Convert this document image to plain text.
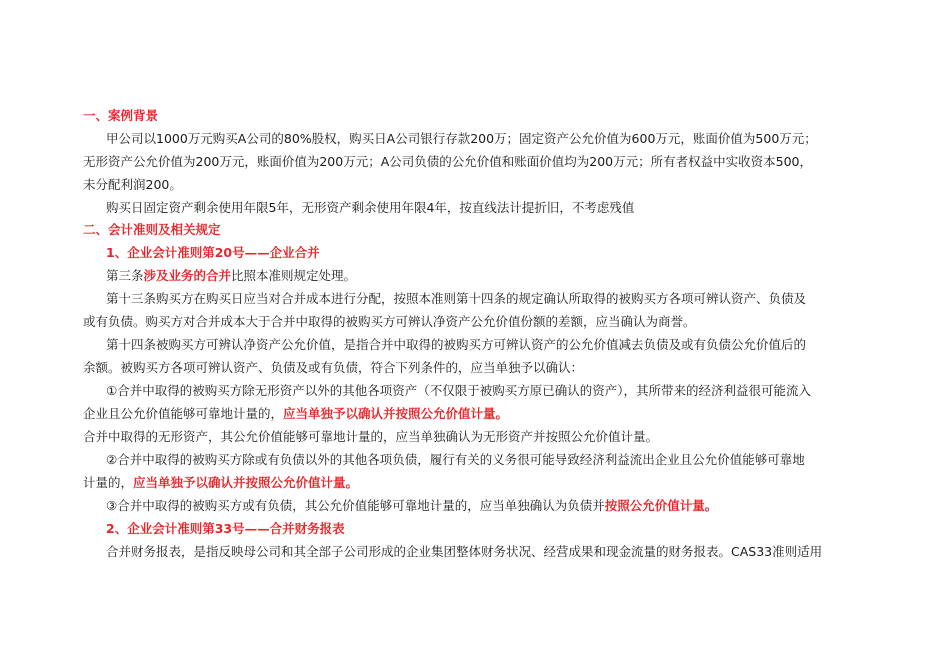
一、案例背景
甲公司以1000万元购买A公司的80%股权，购买日A公司银行存款200万；固定资产公允价值为600万元，账面价值为500万元；
无形资产公允价值为200万元，账面价值为200万元；A公司负债的公允价值和账面价值均为200万元；所有者权益中实收资本500，
未分配利润200。
购买日固定资产剩余使用年限5年，无形资产剩余使用年限4年，按直线法计提折旧，不考虑残值
二、会计准则及相关规定
1、企业会计准则第20号——企业合并
第三条涉及业务的合并比照本准则规定处理。
第十三条购买方在购买日应当对合并成本进行分配，按照本准则第十四条的规定确认所取得的被购买方各项可辨认资产、负债及
或有负债。购买方对合并成本大于合并中取得的被购买方可辨认净资产公允价值份额的差额，应当确认为商誉。
第十四条被购买方可辨认净资产公允价值，是指合并中取得的被购买方可辨认资产的公允价值减去负债及或有负债公允价值后的
余额。被购买方各项可辨认资产、负债及或有负债，符合下列条件的，应当单独予以确认：
①合并中取得的被购买方除无形资产以外的其他各项资产（不仅限于被购买方原已确认的资产），其所带来的经济利益很可能流入
企业且公允价值能够可靠地计量的，应当单独予以确认并按照公允价值计量。
合并中取得的无形资产，其公允价值能够可靠地计量的，应当单独确认为无形资产并按照公允价值计量。
②合并中取得的被购买方除或有负债以外的其他各项负债，履行有关的义务很可能导致经济利益流出企业且公允价值能够可靠地
计量的，应当单独予以确认并按照公允价值计量。
③合并中取得的被购买方或有负债，其公允价值能够可靠地计量的，应当单独确认为负债并按照公允价值计量。
2、企业会计准则第33号——合并财务报表
合并财务报表，是指反映母公司和其全部子公司形成的企业集团整体财务状况、经营成果和现金流量的财务报表。CAS33准则适用
